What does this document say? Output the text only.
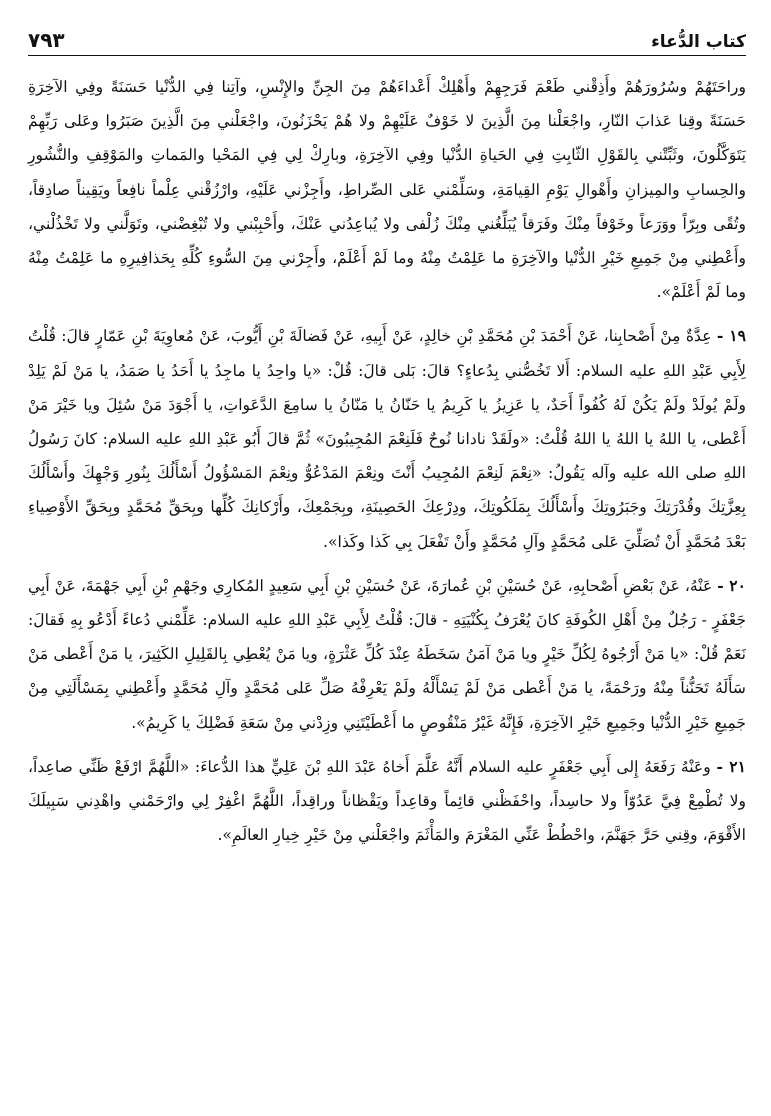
كتاب الدُّعاء
٧٩٣

وراحَتَهُمْ وسُرُورَهُمْ وأَذِقْني طَعْمَ فَرَجِهِمْ وأَهْلِكْ أَعْداءَهُمْ مِنَ الجِنِّ والإِنْسِ، وآتِنا فِي الدُّنْيا حَسَنَةً وفِي الآخِرَةِ حَسَنَةً وقِنا عَذابَ النّارِ، واجْعَلْنا مِنَ الَّذِينَ لا خَوْفٌ عَلَيْهِمْ ولا هُمْ يَحْزَنُونَ، واجْعَلْني مِنَ الَّذِينَ صَبَرُوا وعَلى رَبِّهِمْ يَتَوَكَّلُونَ، وثَبِّتْني بِالقَوْلِ الثّابِتِ فِي الحَياةِ الدُّنْيا وفِي الآخِرَةِ، وبارِكْ لِي فِي المَحْيا والمَماتِ والمَوْقِفِ والنُّشُورِ والحِسابِ والمِيزانِ وأَهْوالِ يَوْمِ القِيامَةِ، وسَلِّمْني عَلى الصِّراطِ، وأَجِزْني عَلَيْهِ، وارْزُقْني عِلْماً نافِعاً ويَقِيناً صادِقاً، وتُقًى وبِرّاً ووَرَعاً وخَوْفاً مِنْكَ وفَرَقاً يُبَلِّغُني مِنْكَ زُلْفى ولا يُباعِدُني عَنْكَ، وأَحْبِبْني ولا تُبْغِضْني، وتَوَلَّني ولا تَخْذُلْني، وأَعْطِني مِنْ جَمِيعِ خَيْرِ الدُّنْيا والآخِرَةِ ما عَلِمْتُ مِنْهُ وما لَمْ أَعْلَمْ، وأَجِرْني مِنَ السُّوءِ كُلِّهِ بِحَذافِيرِهِ ما عَلِمْتُ مِنْهُ وما لَمْ أَعْلَمْ».

١٩ - عِدَّةٌ مِنْ أَصْحابِنا، عَنْ أَحْمَدَ بْنِ مُحَمَّدِ بْنِ خالِدٍ، عَنْ أَبِيهِ، عَنْ فَضالَةَ بْنِ أَيُّوبَ، عَنْ مُعاوِيَةَ بْنِ عَمّارٍ قالَ: قُلْتُ لِأَبِي عَبْدِ اللهِ عليه السلام: أَلا تَخُصُّني بِدُعاءٍ؟ قالَ: بَلى قالَ: قُلْ: «يا واحِدُ يا ماجِدُ يا أَحَدُ يا صَمَدُ، يا مَنْ لَمْ يَلِدْ ولَمْ يُولَدْ ولَمْ يَكُنْ لَهُ كُفُواً أَحَدٌ، يا عَزِيزُ يا كَرِيمُ يا حَنّانُ يا مَنّانُ يا سامِعَ الدَّعَواتِ، يا أَجْوَدَ مَنْ سُئِلَ ويا خَيْرَ مَنْ أَعْطى، يا اللهُ يا اللهُ يا اللهُ قُلْتُ: «ولَقَدْ نادانا نُوحٌ فَلَنِعْمَ المُجِيبُونَ» ثُمَّ قالَ أَبُو عَبْدِ اللهِ عليه السلام: كانَ رَسُولُ اللهِ صلى الله عليه وآله يَقُولُ: «نِعْمَ لَنِعْمَ المُجِيبُ أَنْتَ ونِعْمَ المَدْعُوُّ ونِعْمَ المَسْؤُولُ أَسْأَلُكَ بِنُورِ وَجْهِكَ وأَسْأَلُكَ بِعِزَّتِكَ وقُدْرَتِكَ وجَبَرُوتِكَ وأَسْأَلُكَ بِمَلَكُوتِكَ، ودِرْعِكَ الحَصِينَةِ، وبِجَمْعِكَ، وأَرْكانِكَ كُلِّها وبِحَقِّ مُحَمَّدٍ وبِحَقِّ الأَوْصِياءِ بَعْدَ مُحَمَّدٍ أَنْ تُصَلِّيَ عَلى مُحَمَّدٍ وآلِ مُحَمَّدٍ وأَنْ تَفْعَلَ بِي كَذا وكَذا».

٢٠ - عَنْهُ، عَنْ بَعْضِ أَصْحابِهِ، عَنْ حُسَيْنِ بْنِ عُمارَةَ، عَنْ حُسَيْنِ بْنِ أَبِي سَعِيدٍ المُكارِي وجَهْمِ بْنِ أَبِي جَهْمَةَ، عَنْ أَبِي جَعْفَرٍ - رَجُلٌ مِنْ أَهْلِ الكُوفَةِ كانَ يُعْرَفُ بِكُنْيَتِهِ - قالَ: قُلْتُ لِأَبِي عَبْدِ اللهِ عليه السلام: عَلِّمْني دُعاءً أَدْعُو بِهِ فَقالَ: نَعَمْ قُلْ: «يا مَنْ أَرْجُوهُ لِكُلِّ خَيْرٍ ويا مَنْ آمَنُ سَخَطَهُ عِنْدَ كُلِّ عَثْرَةٍ، ويا مَنْ يُعْطِي بِالقَلِيلِ الكَثِيرَ، يا مَنْ أَعْطى مَنْ سَأَلَهُ تَحَنُّناً مِنْهُ ورَحْمَةً، يا مَنْ أَعْطى مَنْ لَمْ يَسْأَلْهُ ولَمْ يَعْرِفْهُ صَلِّ عَلى مُحَمَّدٍ وآلِ مُحَمَّدٍ وأَعْطِني بِمَسْأَلَتِي مِنْ جَمِيعِ خَيْرِ الدُّنْيا وجَمِيعِ خَيْرِ الآخِرَةِ، فَإِنَّهُ غَيْرُ مَنْقُوصٍ ما أَعْطَيْتَنِي وزِدْني مِنْ سَعَةِ فَضْلِكَ يا كَرِيمُ».

٢١ - وعَنْهُ رَفَعَهُ إِلى أَبِي جَعْفَرٍ عليه السلام أَنَّهُ عَلَّمَ أَخاهُ عَبْدَ اللهِ بْنَ عَلِيٍّ هذا الدُّعاءَ: «اللَّهُمَّ ارْفَعْ ظَنِّي صاعِداً، ولا تُطْمِعْ فِيَّ عَدُوّاً ولا حاسِداً، واحْفَظْني قائِماً وقاعِداً ويَقْظاناً وراقِداً، اللَّهُمَّ اغْفِرْ لِي وارْحَمْني واهْدِني سَبِيلَكَ الأَقْوَمَ، وقِني حَرَّ جَهَنَّمَ، واحْطُطْ عَنِّي المَغْرَمَ والمَأْثَمَ واجْعَلْني مِنْ خَيْرِ خِيارِ العالَمِ».
